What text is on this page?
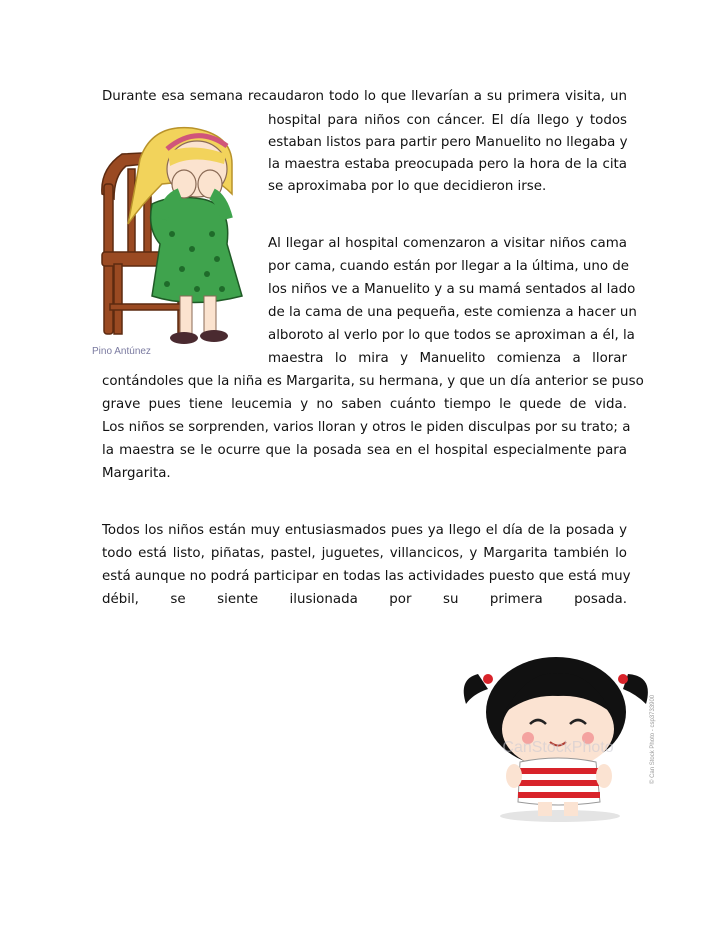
Durante esa semana recaudaron todo lo que llevarían a su primera visita, un
hospital para niños con cáncer. El día llego y todos
estaban listos para partir pero Manuelito no llegaba y
la maestra estaba preocupada pero la hora de la cita
se aproximaba por lo que decidieron irse.
Al llegar al hospital comenzaron a visitar niños cama
por cama, cuando están por llegar a la última, uno de
los niños ve a Manuelito y a su mamá sentados al lado
de la cama de una pequeña, este comienza a hacer un
alboroto al verlo por lo que todos se aproximan a él, la
maestra lo mira y Manuelito comienza a llorar
contándoles que la niña es Margarita, su hermana, y que un día anterior se puso
grave pues tiene leucemia y no saben cuánto tiempo le quede de vida.
Los niños se sorprenden, varios lloran y otros le piden disculpas por su trato; a
la maestra se le ocurre que la posada sea en el hospital especialmente para
Margarita.
Todos los niños están muy entusiasmados pues ya llego el día de la posada y
todo está listo, piñatas, pastel, juguetes, villancicos, y Margarita también lo
está aunque no podrá participar en todas las actividades puesto que está muy
débil, se siente ilusionada por su primera posada.
Pino Antúnez
CanStockPhoto	© Can Stock Photo - csp3733900
